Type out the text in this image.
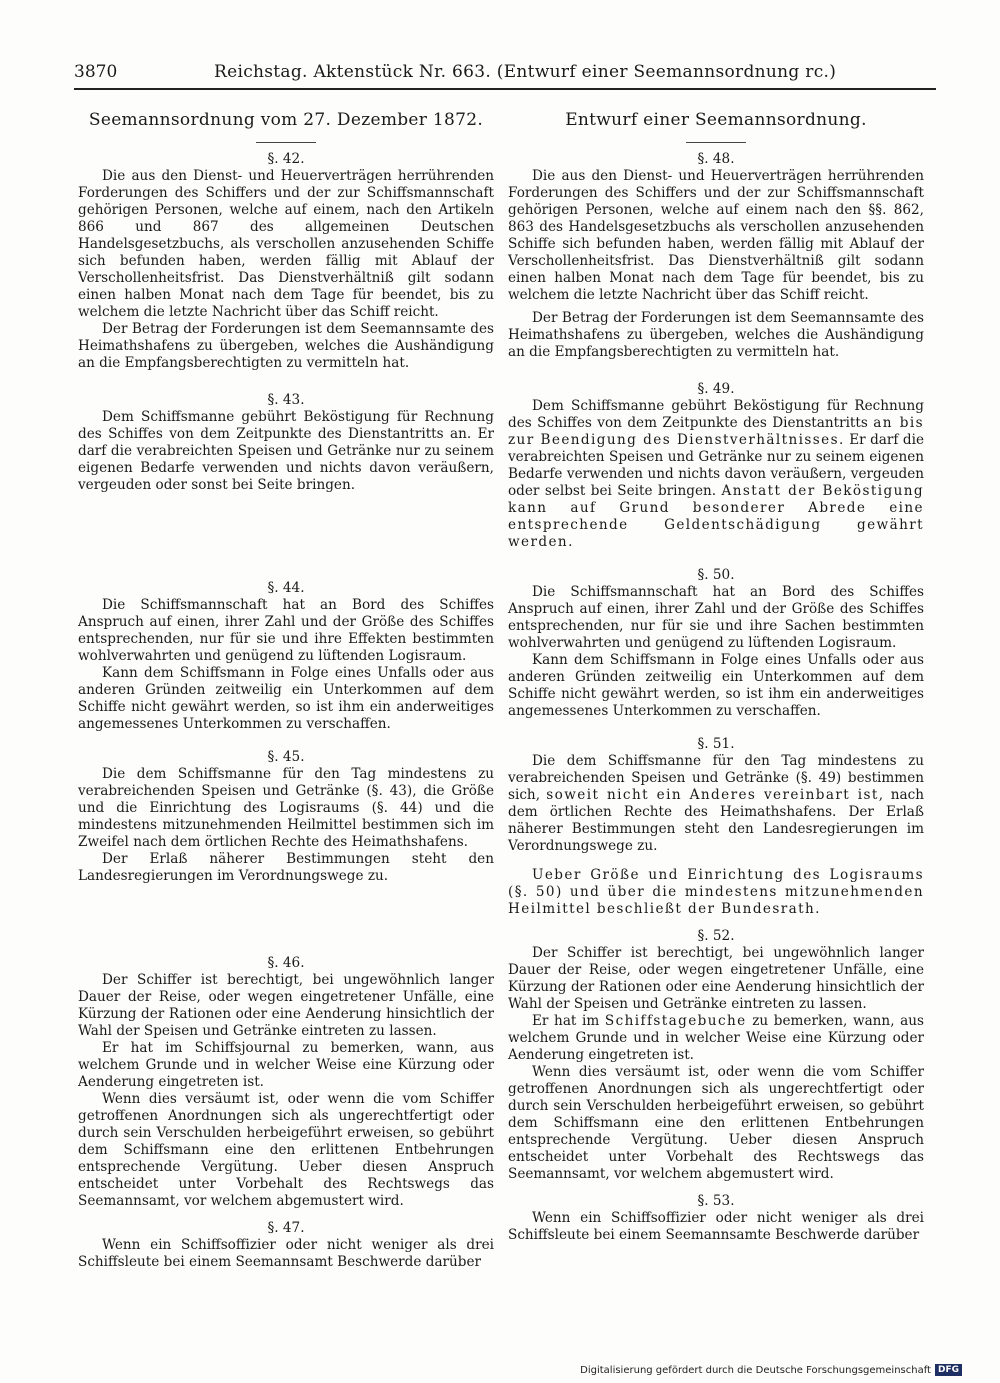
3870	Reichstag. Aktenstück Nr. 663. (Entwurf einer Seemannsordnung rc.)
Seemannsordnung vom 27. Dezember 1872.
§. 42.

Die aus den Dienst- und Heuerverträgen herrührenden Forderungen des Schiffers und der zur Schiffsmannschaft gehörigen Personen, welche auf einem, nach den Artikeln 866 und 867 des allgemeinen Deutschen Handelsgesetzbuchs, als verschollen anzusehenden Schiffe sich befunden haben, werden fällig mit Ablauf der Verschollenheitsfrist. Das Dienstverhältniß gilt sodann einen halben Monat nach dem Tage für beendet, bis zu welchem die letzte Nachricht über das Schiff reicht.

Der Betrag der Forderungen ist dem Seemannsamte des Heimathshafens zu übergeben, welches die Aushändigung an die Empfangsberechtigten zu vermitteln hat.

§. 43.

Dem Schiffsmanne gebührt Beköstigung für Rechnung des Schiffes von dem Zeitpunkte des Dienstantritts an. Er darf die verabreichten Speisen und Getränke nur zu seinem eigenen Bedarfe verwenden und nichts davon veräußern, vergeuden oder sonst bei Seite bringen.

§. 44.

Die Schiffsmannschaft hat an Bord des Schiffes Anspruch auf einen, ihrer Zahl und der Größe des Schiffes entsprechenden, nur für sie und ihre Effekten bestimmten wohlverwahrten und genügend zu lüftenden Logisraum.

Kann dem Schiffsmann in Folge eines Unfalls oder aus anderen Gründen zeitweilig ein Unterkommen auf dem Schiffe nicht gewährt werden, so ist ihm ein anderweitiges angemessenes Unterkommen zu verschaffen.

§. 45.

Die dem Schiffsmanne für den Tag mindestens zu verabreichenden Speisen und Getränke (§. 43), die Größe und die Einrichtung des Logisraums (§. 44) und die mindestens mitzunehmenden Heilmittel bestimmen sich im Zweifel nach dem örtlichen Rechte des Heimathshafens.

Der Erlaß näherer Bestimmungen steht den Landesregierungen im Verordnungswege zu.

§. 46.

Der Schiffer ist berechtigt, bei ungewöhnlich langer Dauer der Reise, oder wegen eingetretener Unfälle, eine Kürzung der Rationen oder eine Aenderung hinsichtlich der Wahl der Speisen und Getränke eintreten zu lassen.

Er hat im Schiffsjournal zu bemerken, wann, aus welchem Grunde und in welcher Weise eine Kürzung oder Aenderung eingetreten ist.

Wenn dies versäumt ist, oder wenn die vom Schiffer getroffenen Anordnungen sich als ungerechtfertigt oder durch sein Verschulden herbeigeführt erweisen, so gebührt dem Schiffsmann eine den erlittenen Entbehrungen entsprechende Vergütung. Ueber diesen Anspruch entscheidet unter Vorbehalt des Rechtswegs das Seemannsamt, vor welchem abgemustert wird.

§. 47.

Wenn ein Schiffsoffizier oder nicht weniger als drei Schiffsleute bei einem Seemannsamt Beschwerde darüber

Entwurf einer Seemannsordnung.
§. 48.

Die aus den Dienst- und Heuerverträgen herrührenden Forderungen des Schiffers und der zur Schiffsmannschaft gehörigen Personen, welche auf einem nach den §§. 862, 863 des Handelsgesetzbuchs als verschollen anzusehenden Schiffe sich befunden haben, werden fällig mit Ablauf der Verschollenheitsfrist. Das Dienstverhältniß gilt sodann einen halben Monat nach dem Tage für beendet, bis zu welchem die letzte Nachricht über das Schiff reicht.

Der Betrag der Forderungen ist dem Seemannsamte des Heimathshafens zu übergeben, welches die Aushändigung an die Empfangsberechtigten zu vermitteln hat.

§. 49.

Dem Schiffsmanne gebührt Beköstigung für Rechnung des Schiffes von dem Zeitpunkte des Dienstantritts an bis zur Beendigung des Dienstverhältnisses. Er darf die verabreichten Speisen und Getränke nur zu seinem eigenen Bedarfe verwenden und nichts davon veräußern, vergeuden oder selbst bei Seite bringen. Anstatt der Beköstigung kann auf Grund besonderer Abrede eine entsprechende Geldentschädigung gewährt werden.

§. 50.

Die Schiffsmannschaft hat an Bord des Schiffes Anspruch auf einen, ihrer Zahl und der Größe des Schiffes entsprechenden, nur für sie und ihre Sachen bestimmten wohlverwahrten und genügend zu lüftenden Logisraum.

Kann dem Schiffsmann in Folge eines Unfalls oder aus anderen Gründen zeitweilig ein Unterkommen auf dem Schiffe nicht gewährt werden, so ist ihm ein anderweitiges angemessenes Unterkommen zu verschaffen.

§. 51.

Die dem Schiffsmanne für den Tag mindestens zu verabreichenden Speisen und Getränke (§. 49) bestimmen sich, soweit nicht ein Anderes vereinbart ist, nach dem örtlichen Rechte des Heimathshafens. Der Erlaß näherer Bestimmungen steht den Landesregierungen im Verordnungswege zu.

Ueber Größe und Einrichtung des Logisraums (§. 50) und über die mindestens mitzunehmenden Heilmittel beschließt der Bundesrath.

§. 52.

Der Schiffer ist berechtigt, bei ungewöhnlich langer Dauer der Reise, oder wegen eingetretener Unfälle, eine Kürzung der Rationen oder eine Aenderung hinsichtlich der Wahl der Speisen und Getränke eintreten zu lassen.

Er hat im Schiffstagebuche zu bemerken, wann, aus welchem Grunde und in welcher Weise eine Kürzung oder Aenderung eingetreten ist.

Wenn dies versäumt ist, oder wenn die vom Schiffer getroffenen Anordnungen sich als ungerechtfertigt oder durch sein Verschulden herbeigeführt erweisen, so gebührt dem Schiffsmann eine den erlittenen Entbehrungen entsprechende Vergütung. Ueber diesen Anspruch entscheidet unter Vorbehalt des Rechtswegs das Seemannsamt, vor welchem abgemustert wird.

§. 53.

Wenn ein Schiffsoffizier oder nicht weniger als drei Schiffsleute bei einem Seemannsamte Beschwerde darüber

Digitalisierung gefördert durch die Deutsche Forschungsgemeinschaft DFG
